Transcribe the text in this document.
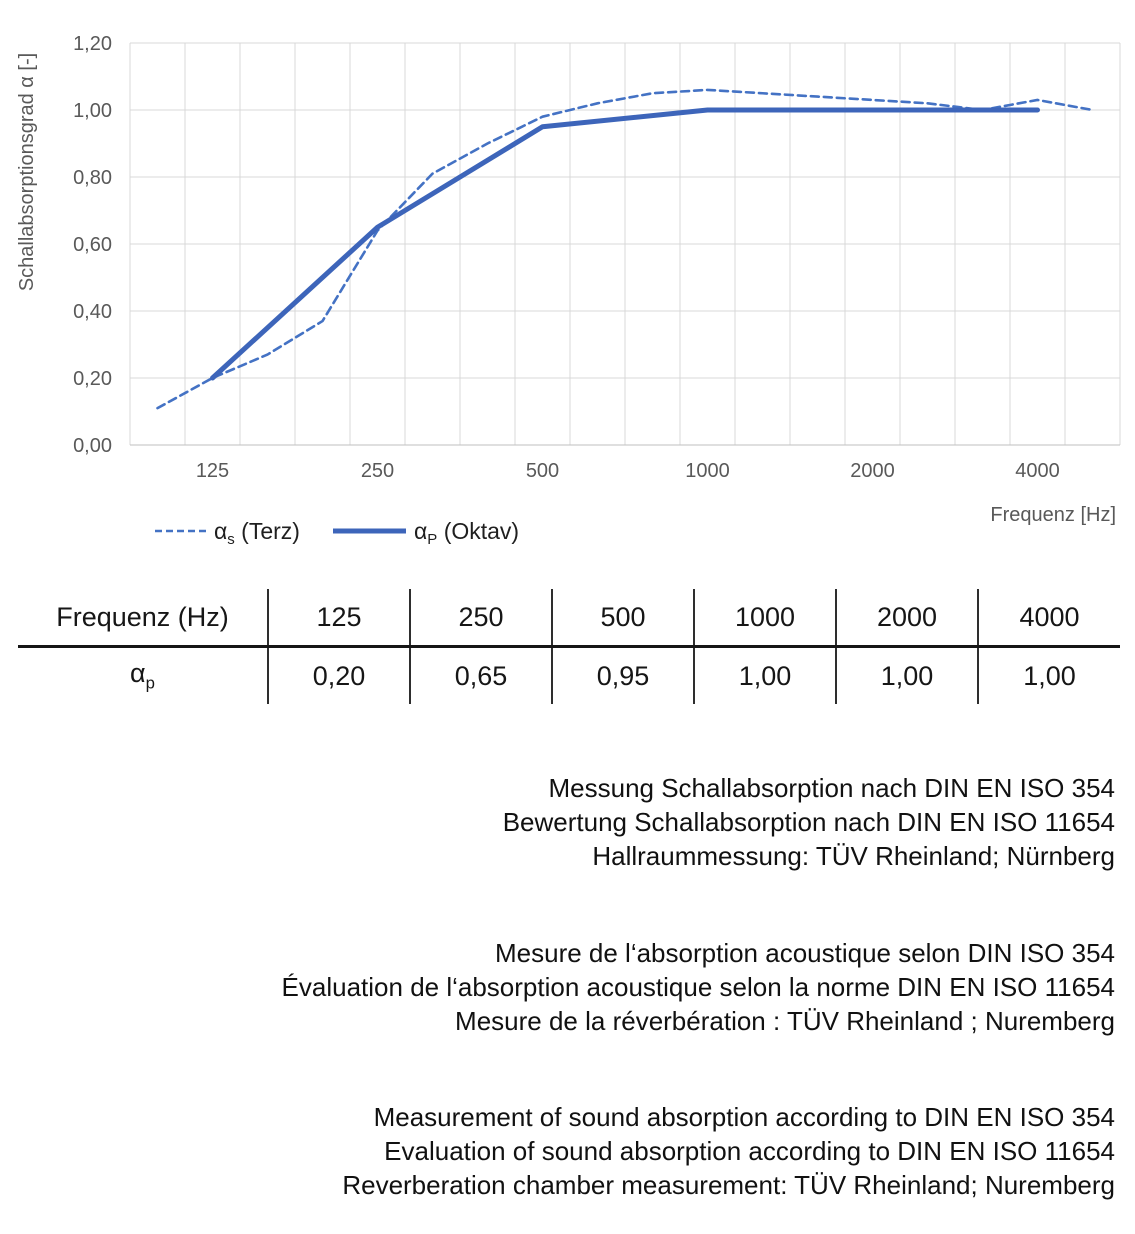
0,00
0,20
0,40
0,60
0,80
1,00
1,20
125	250	500	1000	2000	4000
Frequenz [Hz]
Schallabsorptionsgrad α [-]
$\alpha_s$ (Terz)	$\alpha_P$ (Oktav)
Frequenz (Hz)	125	250	500	1000	2000	4000
$\alpha_p$	0,20	0,65	0,95	1,00	1,00	1,00
Messung Schallabsorption nach DIN EN ISO 354
Bewertung Schallabsorption nach DIN EN ISO 11654
Hallraummessung: TÜV Rheinland; Nürnberg
Mesure de l‘absorption acoustique selon DIN ISO 354
Évaluation de l‘absorption acoustique selon la norme DIN EN ISO 11654
Mesure de la réverbération : TÜV Rheinland ; Nuremberg
Measurement of sound absorption according to DIN EN ISO 354
Evaluation of sound absorption according to DIN EN ISO 11654
Reverberation chamber measurement: TÜV Rheinland; Nuremberg
